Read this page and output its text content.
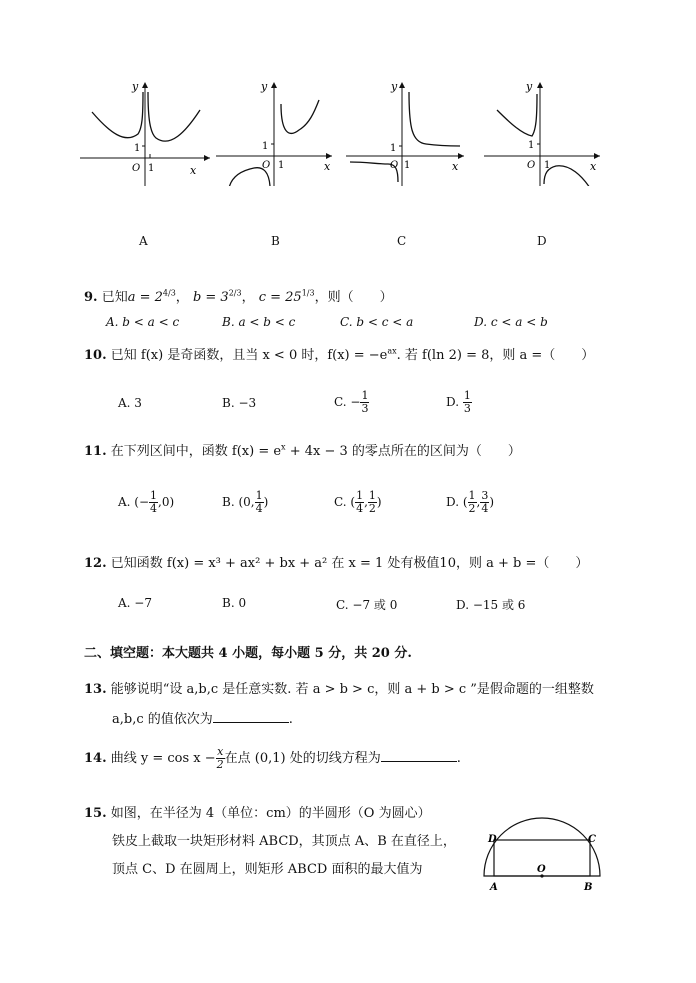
y
x
O
1
1
y
x
O
1
1
y
x
O
1
1
y
x
O
1
1
A	B	C	D
9. 已知$a = 2^{4/3}$， $b = 3^{2/3}$， $c = 25^{1/3}$，则（　　）
A. b < a < c	B. a < b < c	C. b < c < a	D. c < a < b
10. 已知 f(x) 是奇函数，且当 x < 0 时，$f(x) = -e^{ax}$. 若 f(ln 2) = 8，则 a =（　　）
A. 3	B. −3	C. − $\frac{1}{3}$	D. $\frac{1}{3}$
11. 在下列区间中，函数 $f(x) = e^x + 4x - 3$ 的零点所在的区间为（　　）
A. (− $\frac{1}{4} ,0$)	B. (0, $\frac{1}{4}$ )	C. ( $\frac{1}{4}$ , $\frac{1}{2}$ )	D. ( $\frac{1}{2}$ , $\frac{3}{4}$ )
12. 已知函数 f(x) = x³ + ax² + bx + a² 在 x = 1 处有极值10，则 a + b =（　　）
A. −7	B. 0	C. −7 或 0	D. −15 或 6
二、填空题：本大题共 4 小题，每小题 5 分，共 20 分.
13. 能够说明“设 a,b,c 是任意实数. 若 a > b > c，则 a + b > c ”是假命题的一组整数
a,b,c 的值依次为	.
14. 曲线 $y = \cos x - \frac{x}{2}$ 在点 (0,1) 处的切线方程为	.
15. 如图，在半径为 4（单位：cm）的半圆形（O 为圆心）
铁皮上截取一块矩形材料 ABCD，其顶点 A、B 在直径上，
顶点 C、D 在圆周上，则矩形 ABCD 面积的最大值为
D	C
A	B
O
